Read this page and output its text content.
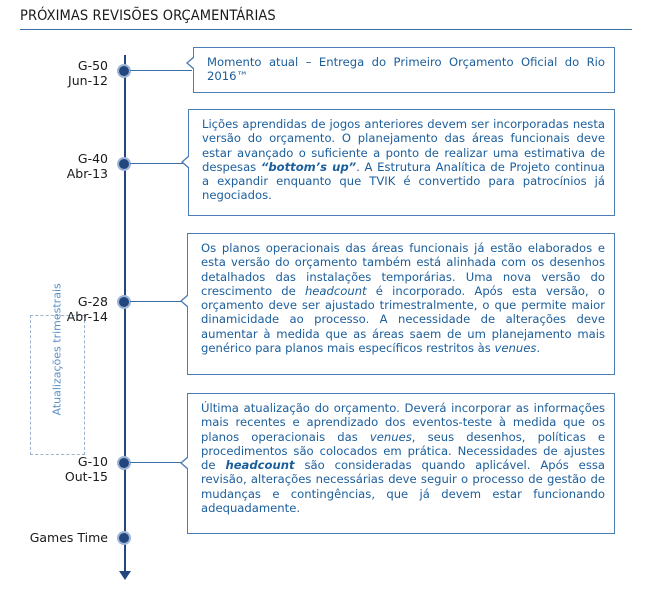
PRÓXIMAS REVISÕES ORÇAMENTÁRIAS
Atualizações trimestrais
G-50
Jun-12
G-40
Abr-13
G-28
Abr-14
G-10
Out-15
Games Time

Momento atual – Entrega do Primeiro Orçamento Oficial do Rio 2016™

Lições aprendidas de jogos anteriores devem ser incorporadas nesta versão do orçamento. O planejamento das áreas funcionais deve estar avançado o suficiente a ponto de realizar uma estimativa de despesas “bottom’s up”. A Estrutura Analítica de Projeto continua a expandir enquanto que TVIK é convertido para patrocínios já negociados.

Os planos operacionais das áreas funcionais já estão elaborados e esta versão do orçamento também está alinhada com os desenhos detalhados das instalações temporárias. Uma nova versão do crescimento de headcount é incorporado. Após esta versão, o orçamento deve ser ajustado trimestralmente, o que permite maior dinamicidade ao processo. A necessidade de alterações deve aumentar à medida que as áreas saem de um planejamento mais genérico para planos mais específicos restritos às venues.

Última atualização do orçamento. Deverá incorporar as informações mais recentes e aprendizado dos eventos-teste à medida que os planos operacionais das venues, seus desenhos, políticas e procedimentos são colocados em prática. Necessidades de ajustes de headcount são consideradas quando aplicável. Após essa revisão, alterações necessárias deve seguir o processo de gestão de mudanças e contingências, que já devem estar funcionando adequadamente.
